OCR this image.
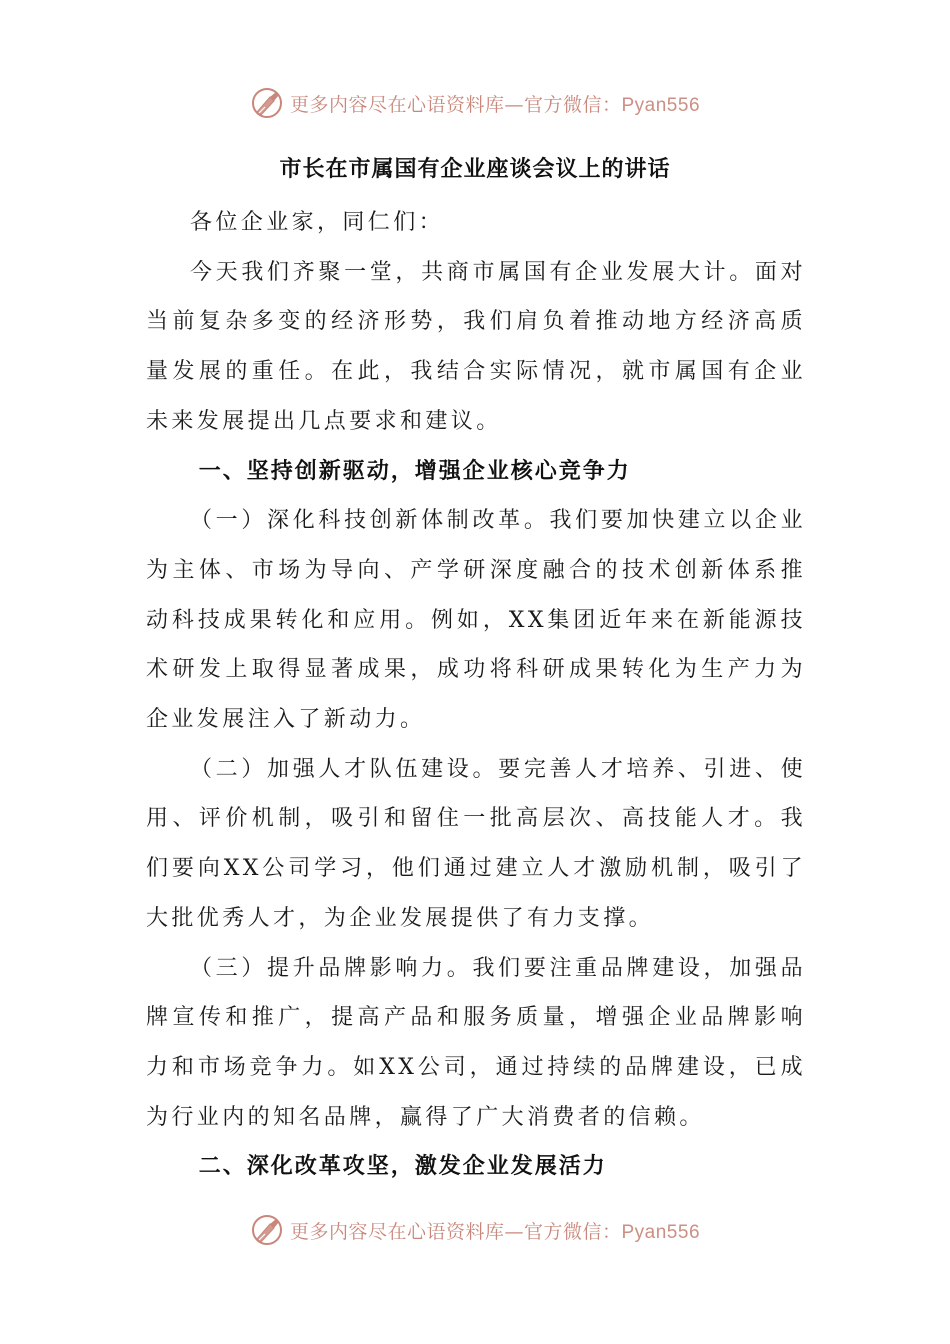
更多内容尽在心语资料库—官方微信：Pyan556
市长在市属国有企业座谈会议上的讲话

各位企业家，同仁们：

今天我们齐聚一堂，共商市属国有企业发展大计。面对当前复杂多变的经济形势，我们肩负着推动地方经济高质量发展的重任。在此，我结合实际情况，就市属国有企业未来发展提出几点要求和建议。

一、坚持创新驱动，增强企业核心竞争力

（一）深化科技创新体制改革。我们要加快建立以企业为主体、市场为导向、产学研深度融合的技术创新体系推动科技成果转化和应用。例如，XX集团近年来在新能源技术研发上取得显著成果，成功将科研成果转化为生产力为企业发展注入了新动力。

（二）加强人才队伍建设。要完善人才培养、引进、使用、评价机制，吸引和留住一批高层次、高技能人才。我们要向XX公司学习，他们通过建立人才激励机制，吸引了大批优秀人才，为企业发展提供了有力支撑。

（三）提升品牌影响力。我们要注重品牌建设，加强品牌宣传和推广，提高产品和服务质量，增强企业品牌影响力和市场竞争力。如XX公司，通过持续的品牌建设，已成为行业内的知名品牌，赢得了广大消费者的信赖。

二、深化改革攻坚，激发企业发展活力

更多内容尽在心语资料库—官方微信：Pyan556
